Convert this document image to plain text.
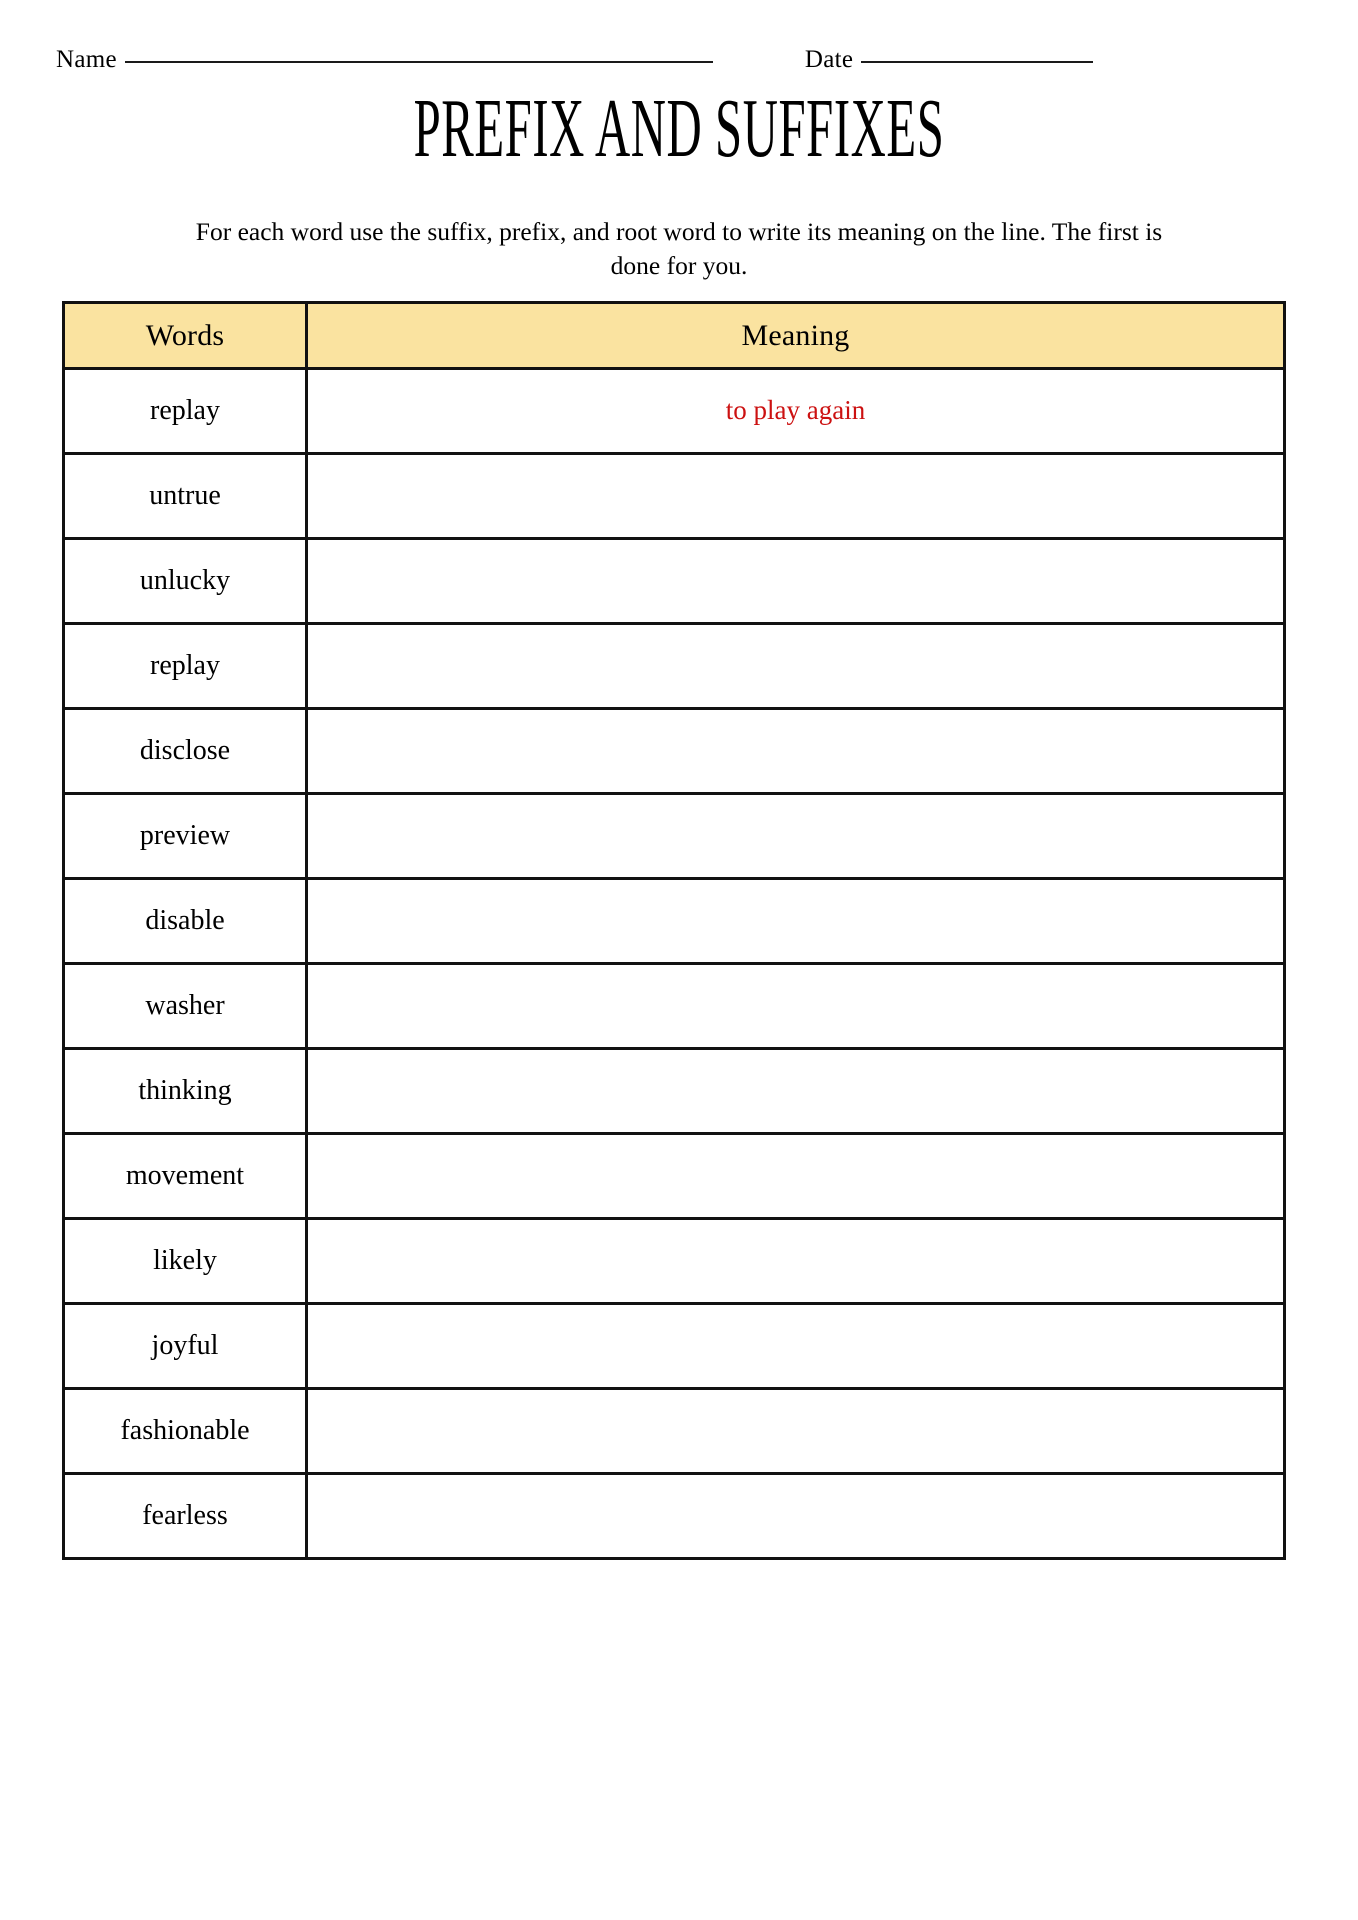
Name	Date
PREFIX AND SUFFIXES
For each word use the suffix, prefix, and root word to write its meaning on the line. The first is done for you.
Words	Meaning
replay	to play again
untrue	
unlucky	
replay	
disclose	
preview	
disable	
washer	
thinking	
movement	
likely	
joyful	
fashionable	
fearless	
